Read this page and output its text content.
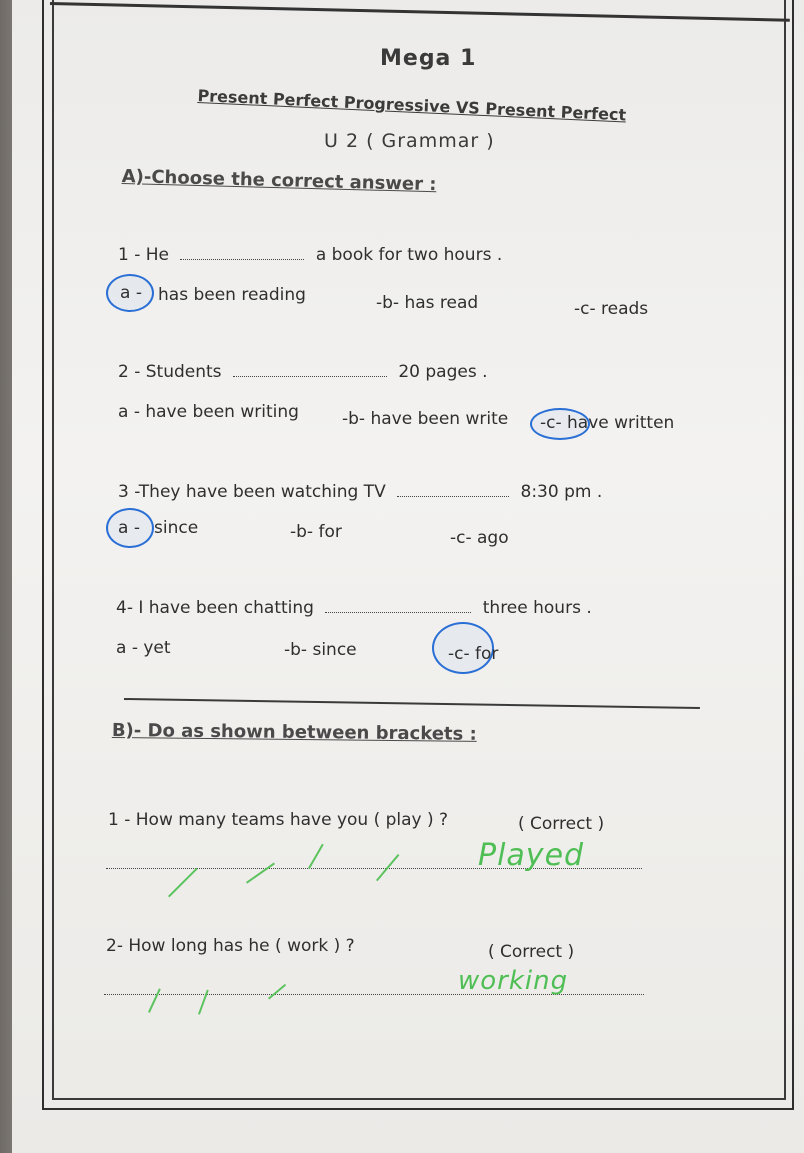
Mega 1
Present Perfect Progressive VS Present Perfect
U 2 ( Grammar )
A)-Choose the correct answer :
1 - He	a book for two hours .
a - has been reading	-b- has read	-c- reads
2 - Students	20 pages .
a - have been writing	-b- have been write -c- have written
3 -They have been watching TV	8:30 pm .
a - since	-b- for	-c- ago
4- I have been chatting	three hours .
a - yet	-b- since	-c- for
B)- Do as shown between brackets :
1 - How many teams have you ( play ) ?	( Correct )
Played
2- How long has he ( work ) ?	( Correct )
working
